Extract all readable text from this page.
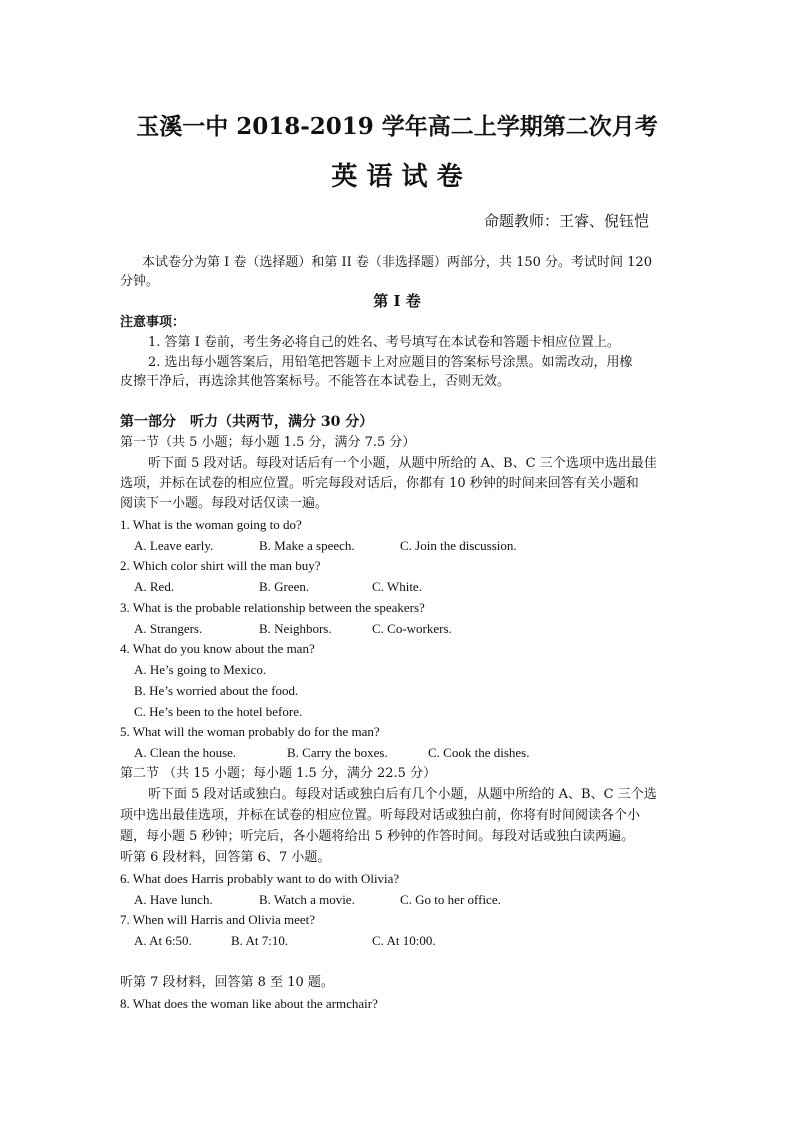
玉溪一中 2018-2019 学年高二上学期第二次月考
英 语 试 卷
命题教师：王睿、倪钰恺
本试卷分为第 I 卷（选择题）和第 II 卷（非选择题）两部分，共 150 分。考试时间 120
分钟。
第 I 卷
注意事项：
1. 答第 I 卷前，考生务必将自己的姓名、考号填写在本试卷和答题卡相应位置上。
2. 选出每小题答案后，用铅笔把答题卡上对应题目的答案标号涂黑。如需改动，用橡
皮擦干净后，再选涂其他答案标号。不能答在本试卷上，否则无效。
第一部分　听力（共两节，满分 30 分）
第一节（共 5 小题；每小题 1.5 分，满分 7.5 分）
听下面 5 段对话。每段对话后有一个小题，从题中所给的 A、B、C 三个选项中选出最佳
选项，并标在试卷的相应位置。听完每段对话后，你都有 10 秒钟的时间来回答有关小题和
阅读下一小题。每段对话仅读一遍。
1. What is the woman going to do?
A. Leave early.	B. Make a speech.	C. Join the discussion.
2. Which color shirt will the man buy?
A. Red.	B. Green.	C. White.
3. What is the probable relationship between the speakers?
A. Strangers.	B. Neighbors.	C. Co-workers.
4. What do you know about the man?
A. He’s going to Mexico.
B. He’s worried about the food.
C. He’s been to the hotel before.
5. What will the woman probably do for the man?
A. Clean the house.	B. Carry the boxes.	C. Cook the dishes.
第二节 （共 15 小题；每小题 1.5 分，满分 22.5 分）
听下面 5 段对话或独白。每段对话或独白后有几个小题，从题中所给的 A、B、C 三个选
项中选出最佳选项，并标在试卷的相应位置。听每段对话或独白前，你将有时间阅读各个小
题，每小题 5 秒钟；听完后，各小题将给出 5 秒钟的作答时间。每段对话或独白读两遍。
听第 6 段材料，回答第 6、7 小题。
6. What does Harris probably want to do with Olivia?
A. Have lunch.	B. Watch a movie.	C. Go to her office.
7. When will Harris and Olivia meet?
A. At 6:50.	B. At 7:10.	C. At 10:00.
听第 7 段材料，回答第 8 至 10 题。
8. What does the woman like about the armchair?
